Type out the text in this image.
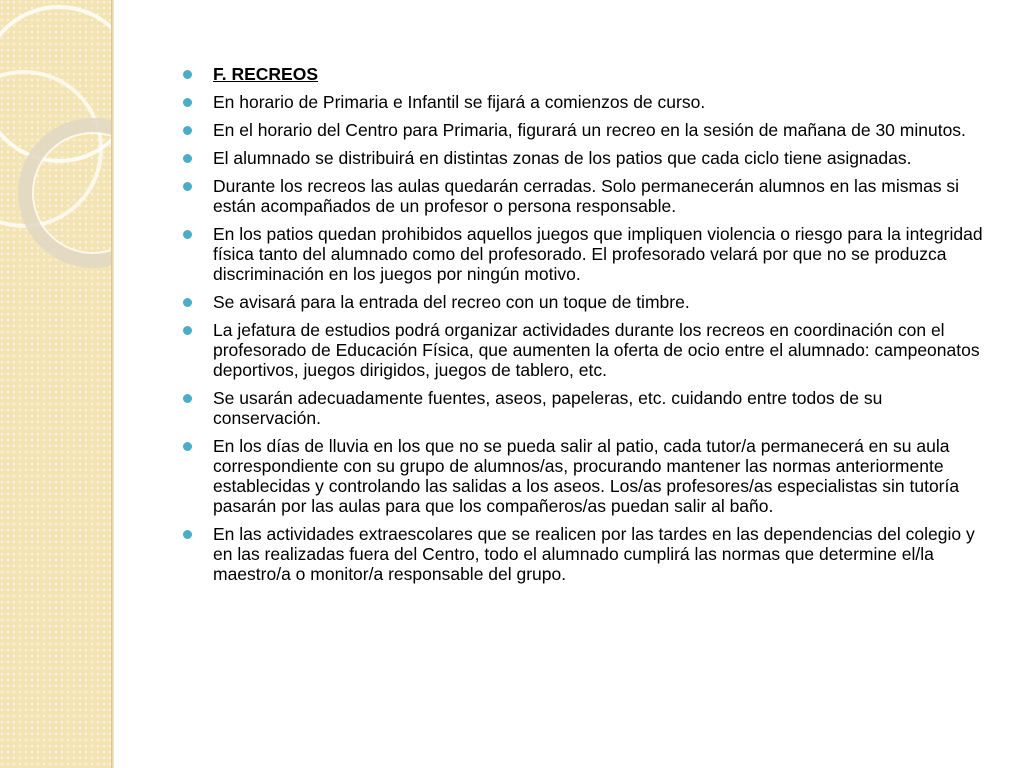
F. RECREOS
En horario de Primaria e Infantil se fijará a comienzos de curso.
En el horario del Centro para Primaria, figurará un recreo en la sesión de mañana de 30 minutos.
El alumnado se distribuirá en distintas zonas de los patios que cada ciclo tiene asignadas.
Durante los recreos las aulas quedarán cerradas. Solo permanecerán alumnos en las mismas si están acompañados de un profesor o persona responsable.
En los patios quedan prohibidos aquellos juegos que impliquen violencia o riesgo para la integridad física tanto del alumnado como del profesorado. El profesorado velará por que no se produzca discriminación en los juegos por ningún motivo.
Se avisará para la entrada del recreo con un toque de timbre.
La jefatura de estudios podrá organizar actividades durante los recreos en coordinación con el profesorado de Educación Física, que aumenten la oferta de ocio entre el alumnado: campeonatos deportivos, juegos dirigidos, juegos de tablero, etc.
Se usarán adecuadamente fuentes, aseos, papeleras, etc. cuidando entre todos de su conservación.
En los días de lluvia en los que no se pueda salir al patio, cada tutor/a permanecerá en su aula correspondiente con su grupo de alumnos/as, procurando mantener las normas anteriormente establecidas y controlando las salidas a los aseos. Los/as profesores/as especialistas sin tutoría pasarán por las aulas para que los compañeros/as puedan salir al baño.
En las actividades extraescolares que se realicen por las tardes en las dependencias del colegio y en las realizadas fuera del Centro, todo el alumnado cumplirá las normas que determine el/la maestro/a o monitor/a responsable del grupo.
